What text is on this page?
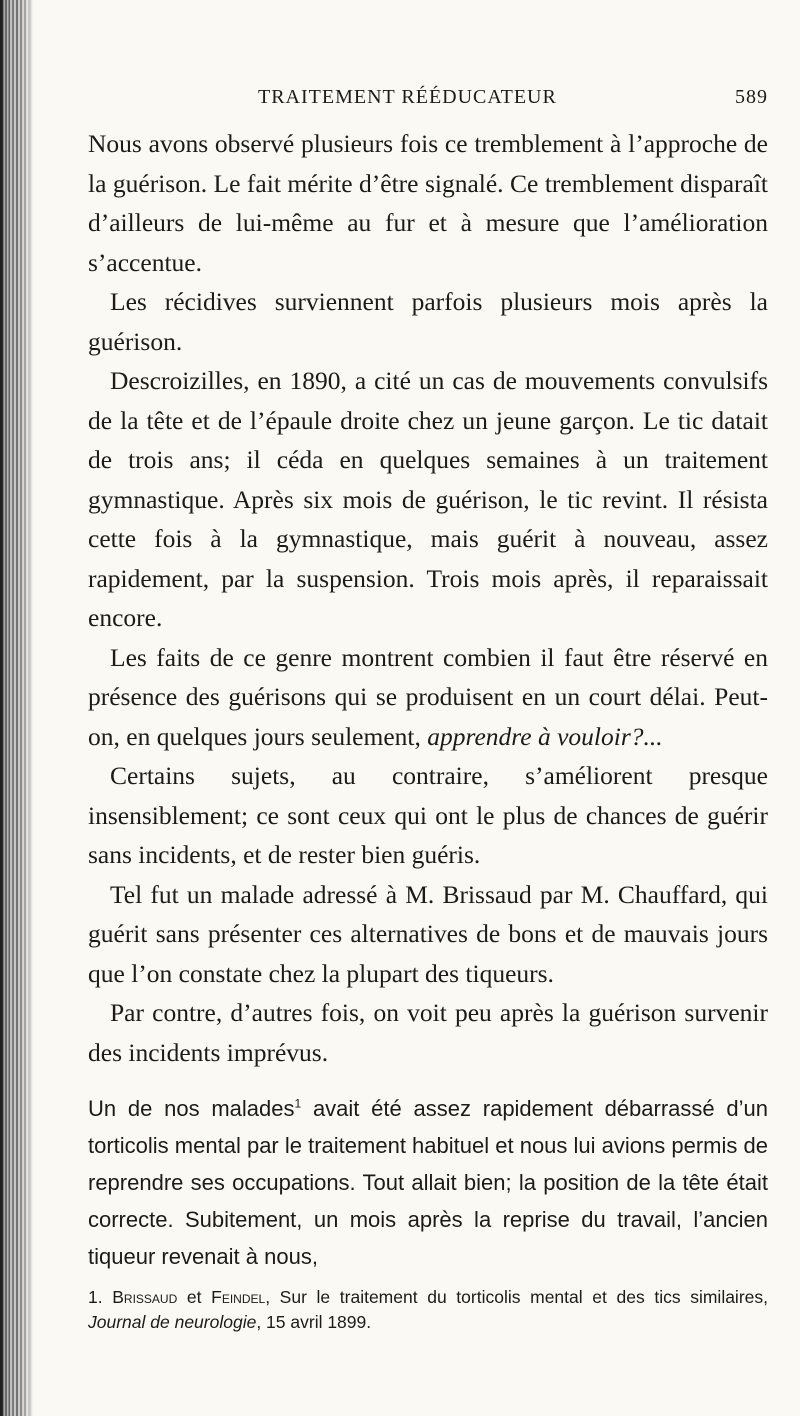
TRAITEMENT RÉÉDUCATEUR	589

Nous avons observé plusieurs fois ce tremblement à l’approche de la guérison. Le fait mérite d’être signalé. Ce tremblement disparaît d’ailleurs de lui-même au fur et à mesure que l’amélioration s’accentue.

Les récidives surviennent parfois plusieurs mois après la guérison.

Descroizilles, en 1890, a cité un cas de mouvements convulsifs de la tête et de l’épaule droite chez un jeune garçon. Le tic datait de trois ans; il céda en quelques semaines à un traitement gymnastique. Après six mois de guérison, le tic revint. Il résista cette fois à la gymnastique, mais guérit à nouveau, assez rapidement, par la suspension. Trois mois après, il reparaissait encore.

Les faits de ce genre montrent combien il faut être réservé en présence des guérisons qui se produisent en un court délai. Peut-on, en quelques jours seulement, apprendre à vouloir?...

Certains sujets, au contraire, s’améliorent presque insensiblement; ce sont ceux qui ont le plus de chances de guérir sans incidents, et de rester bien guéris.

Tel fut un malade adressé à M. Brissaud par M. Chauffard, qui guérit sans présenter ces alternatives de bons et de mauvais jours que l’on constate chez la plupart des tiqueurs.

Par contre, d’autres fois, on voit peu après la guérison survenir des incidents imprévus.

Un de nos malades$^1$ avait été assez rapidement débarrassé d’un torticolis mental par le traitement habituel et nous lui avions permis de reprendre ses occupations. Tout allait bien; la position de la tête était correcte. Subitement, un mois après la reprise du travail, l’ancien tiqueur revenait à nous,

1. Brissaud et Feindel, Sur le traitement du torticolis mental et des tics similaires, Journal de neurologie, 15 avril 1899.
